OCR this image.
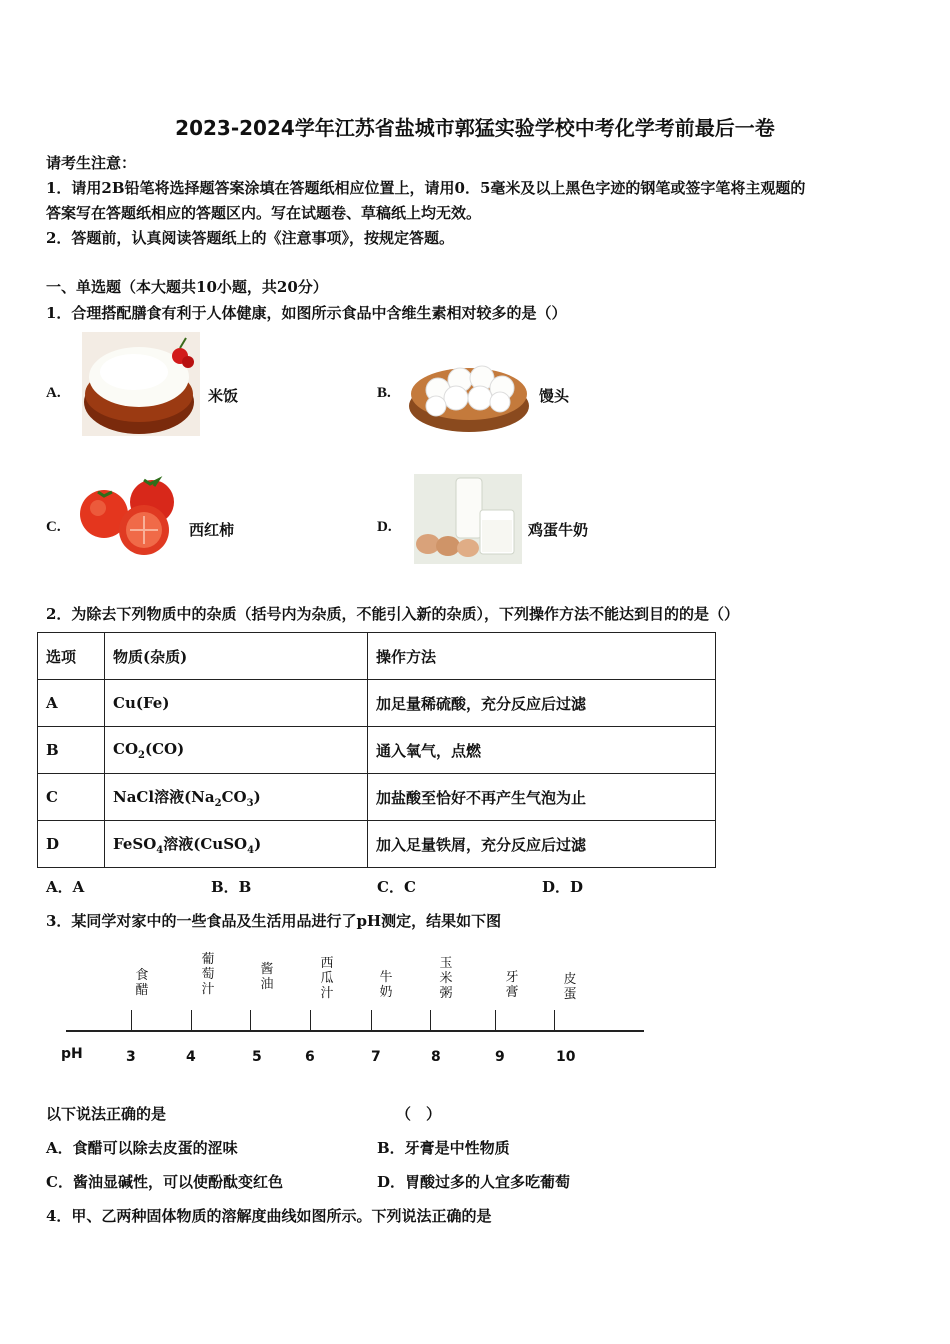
2023-2024学年江苏省盐城市郭猛实验学校中考化学考前最后一卷
请考生注意：
1．请用2B铅笔将选择题答案涂填在答题纸相应位置上，请用0．5毫米及以上黑色字迹的钢笔或签字笔将主观题的
答案写在答题纸相应的答题区内。写在试题卷、草稿纸上均无效。
2．答题前，认真阅读答题纸上的《注意事项》，按规定答题。
一、单选题（本大题共10小题，共20分）
1．合理搭配膳食有利于人体健康，如图所示食品中含维生素相对较多的是（）
A.	米饭	B.	馒头
C.	西红柿	D.	鸡蛋牛奶
2．为除去下列物质中的杂质（括号内为杂质，不能引入新的杂质），下列操作方法不能达到目的的是（）
选项	物质(杂质)	操作方法
A	Cu(Fe)	加足量稀硫酸，充分反应后过滤
B	$CO_2(CO)$	通入氧气，点燃
C	NaCl溶液$(Na_2CO_3)$	加盐酸至恰好不再产生气泡为止
D	FeSO$_4$溶液(CuSO$_4$)	加入足量铁屑，充分反应后过滤
A．A	B．B	C．C	D．D
3．某同学对家中的一些食品及生活用品进行了pH测定，结果如下图
pH
食
醋
葡
萄
汁
酱
油
西
瓜
汁
牛
奶
玉
米
粥
牙
膏
皮
蛋
3	4	5	6	7	8	9	10
以下说法正确的是	（　）
A．食醋可以除去皮蛋的涩味	B．牙膏是中性物质
C．酱油显碱性，可以使酚酞变红色	D．胃酸过多的人宜多吃葡萄
4．甲、乙两种固体物质的溶解度曲线如图所示。下列说法正确的是
